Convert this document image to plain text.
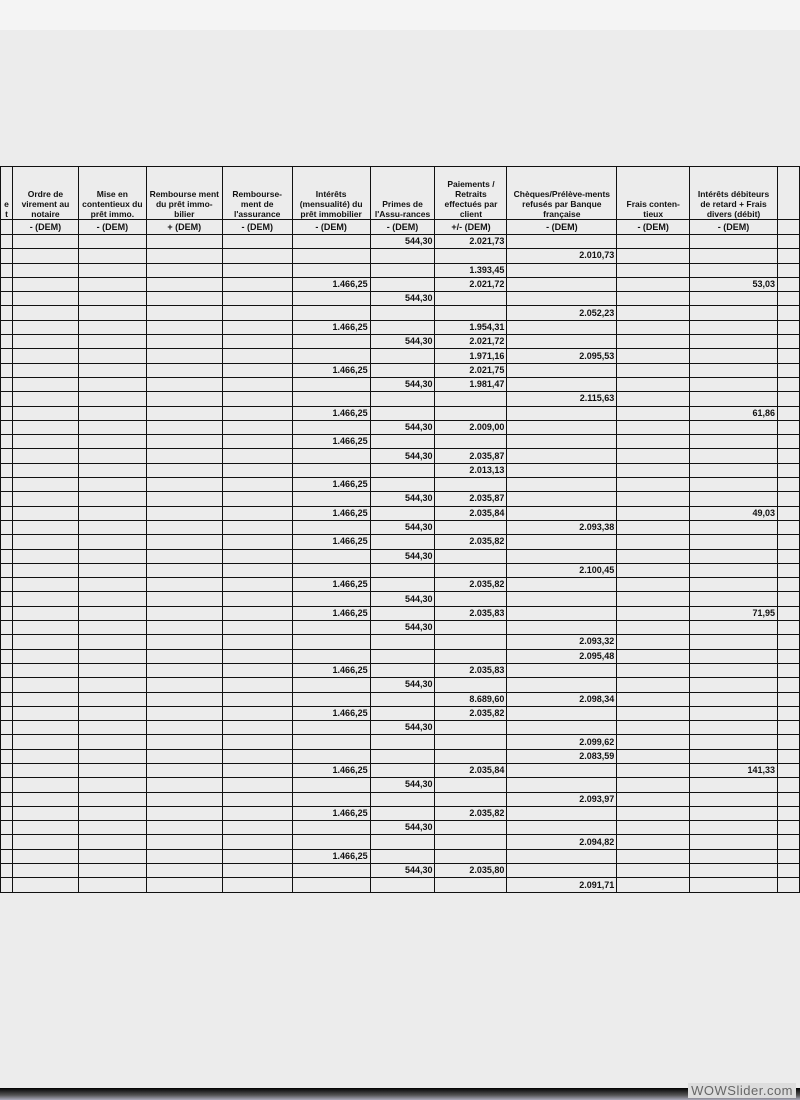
e t	Ordre de virement au notaire	Mise en contentieux du prêt immo.	Rembourse ment du prêt immo-bilier	Rembourse-ment de l'assurance	Intérêts (mensualité) du prêt immobilier	Primes de l'Assu-rances	Paiements / Retraits effectués par client	Chèques/Prélève-ments refusés par Banque française	Frais conten-tieux	Intérêts débiteurs de retard + Frais divers (débit)	
	- (DEM)	- (DEM)	+ (DEM)	- (DEM)	- (DEM)	- (DEM)	+/- (DEM)	- (DEM)	- (DEM)	- (DEM)	
						544,30	2.021,73				
								2.010,73			
							1.393,45				
					1.466,25		2.021,72			53,03	
						544,30					
								2.052,23			
					1.466,25		1.954,31				
						544,30	2.021,72				
							1.971,16	2.095,53			
					1.466,25		2.021,75				
						544,30	1.981,47				
								2.115,63			
					1.466,25					61,86	
						544,30	2.009,00				
					1.466,25						
						544,30	2.035,87				
							2.013,13				
					1.466,25						
						544,30	2.035,87				
					1.466,25		2.035,84			49,03	
						544,30		2.093,38			
					1.466,25		2.035,82				
						544,30					
								2.100,45			
					1.466,25		2.035,82				
						544,30					
					1.466,25		2.035,83			71,95	
						544,30					
								2.093,32			
								2.095,48			
					1.466,25		2.035,83				
						544,30					
							8.689,60	2.098,34			
					1.466,25		2.035,82				
						544,30					
								2.099,62			
								2.083,59			
					1.466,25		2.035,84			141,33	
						544,30					
								2.093,97			
					1.466,25		2.035,82				
						544,30					
								2.094,82			
					1.466,25						
						544,30	2.035,80				
								2.091,71			
WOWSlider.com
